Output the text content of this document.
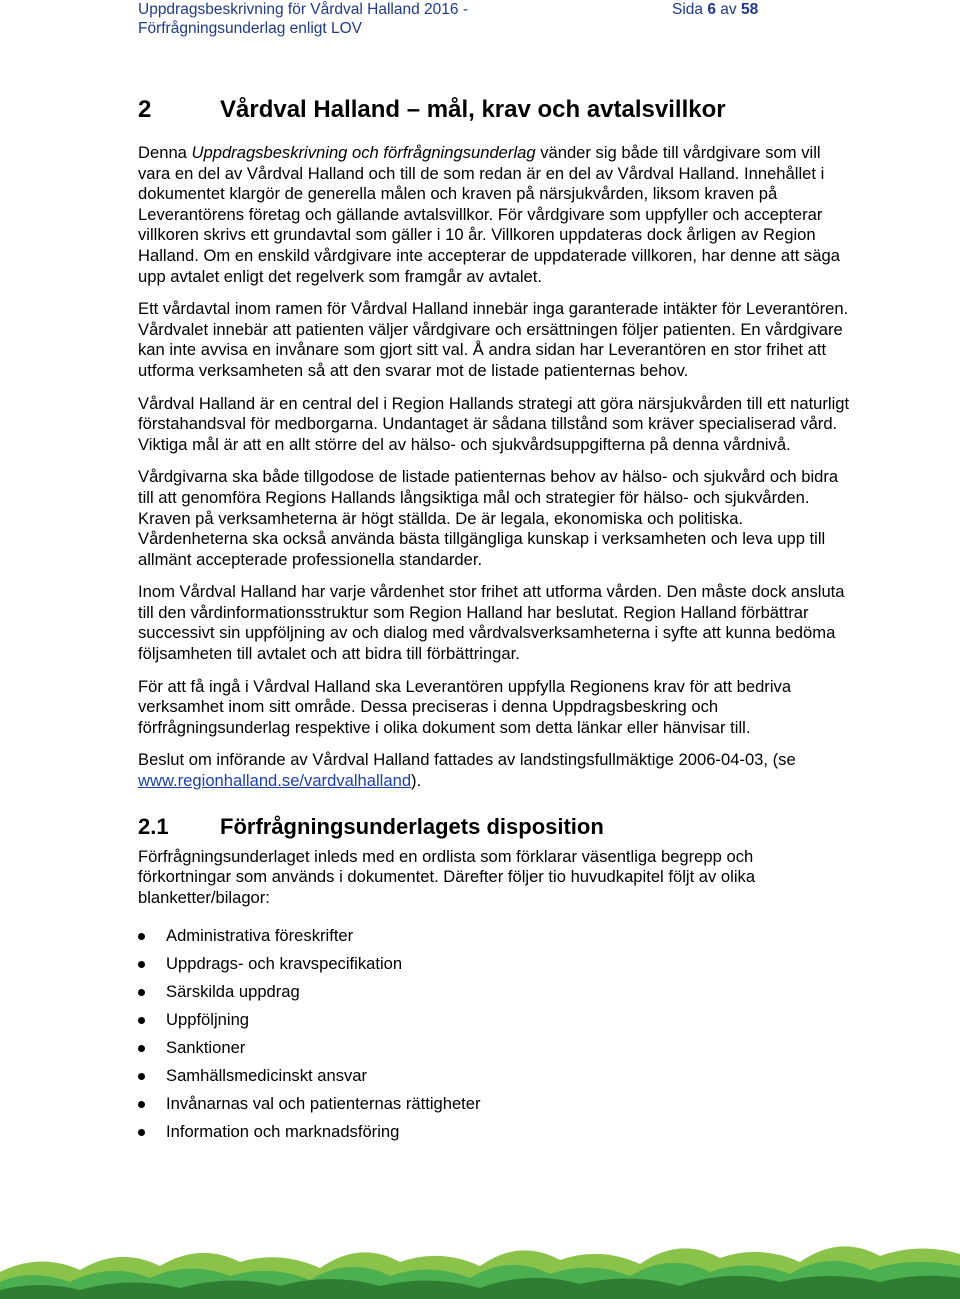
Uppdragsbeskrivning för Vårdval Halland 2016 -
Förfrågningsunderlag enligt LOV
Sida 6 av 58
2	Vårdval Halland – mål, krav och avtalsvillkor

Denna Uppdragsbeskrivning och förfrågningsunderlag vänder sig både till vårdgivare som vill vara en del av Vårdval Halland och till de som redan är en del av Vårdval Halland. Innehållet i dokumentet klargör de generella målen och kraven på närsjukvården, liksom kraven på Leverantörens företag och gällande avtalsvillkor. För vårdgivare som uppfyller och accepterar villkoren skrivs ett grundavtal som gäller i 10 år. Villkoren uppdateras dock årligen av Region Halland. Om en enskild vårdgivare inte accepterar de uppdaterade villkoren, har denne att säga upp avtalet enligt det regelverk som framgår av avtalet.

Ett vårdavtal inom ramen för Vårdval Halland innebär inga garanterade intäkter för Leverantören. Vårdvalet innebär att patienten väljer vårdgivare och ersättningen följer patienten. En vårdgivare kan inte avvisa en invånare som gjort sitt val. Å andra sidan har Leverantören en stor frihet att utforma verksamheten så att den svarar mot de listade patienternas behov.

Vårdval Halland är en central del i Region Hallands strategi att göra närsjukvården till ett naturligt förstahandsval för medborgarna. Undantaget är sådana tillstånd som kräver specialiserad vård. Viktiga mål är att en allt större del av hälso- och sjukvårdsuppgifterna på denna vårdnivå.

Vårdgivarna ska både tillgodose de listade patienternas behov av hälso- och sjukvård och bidra till att genomföra Regions Hallands långsiktiga mål och strategier för hälso- och sjukvården. Kraven på verksamheterna är högt ställda. De är legala, ekonomiska och politiska. Vårdenheterna ska också använda bästa tillgängliga kunskap i verksamheten och leva upp till allmänt accepterade professionella standarder.

Inom Vårdval Halland har varje vårdenhet stor frihet att utforma vården. Den måste dock ansluta till den vårdinformationsstruktur som Region Halland har beslutat. Region Halland förbättrar successivt sin uppföljning av och dialog med vårdvalsverksamheterna i syfte att kunna bedöma följsamheten till avtalet och att bidra till förbättringar.

För att få ingå i Vårdval Halland ska Leverantören uppfylla Regionens krav för att bedriva verksamhet inom sitt område. Dessa preciseras i denna Uppdragsbeskring och förfrågningsunderlag respektive i olika dokument som detta länkar eller hänvisar till.

Beslut om införande av Vårdval Halland fattades av landstingsfullmäktige 2006-04-03, (se www.regionhalland.se/vardvalhalland).

2.1 Förfrågningsunderlagets disposition

Förfrågningsunderlaget inleds med en ordlista som förklarar väsentliga begrepp och förkortningar som används i dokumentet. Därefter följer tio huvudkapitel följt av olika blanketter/bilagor:

Administrativa föreskrifter
Uppdrags- och kravspecifikation
Särskilda uppdrag
Uppföljning
Sanktioner
Samhällsmedicinskt ansvar
Invånarnas val och patienternas rättigheter
Information och marknadsföring
